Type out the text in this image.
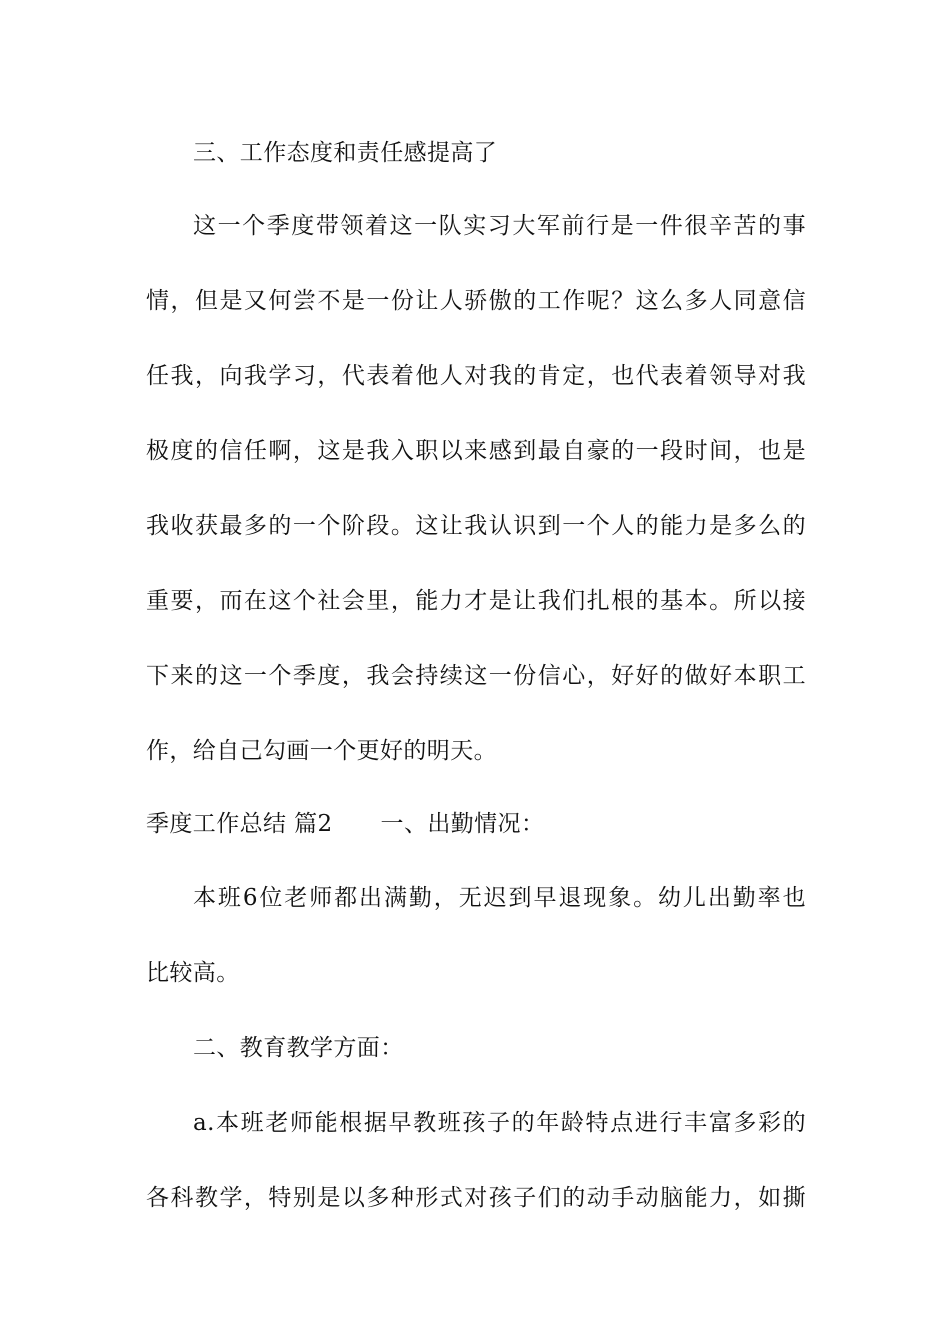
三、工作态度和责任感提高了
这一个季度带领着这一队实习大军前行是一件很辛苦的事
情，但是又何尝不是一份让人骄傲的工作呢？这么多人同意信
任我，向我学习，代表着他人对我的肯定，也代表着领导对我
极度的信任啊，这是我入职以来感到最自豪的一段时间，也是
我收获最多的一个阶段。这让我认识到一个人的能力是多么的
重要，而在这个社会里，能力才是让我们扎根的基本。所以接
下来的这一个季度，我会持续这一份信心，好好的做好本职工
作，给自己勾画一个更好的明天。
季度工作总结 篇2 一、出勤情况：
本班6位老师都出满勤，无迟到早退现象。幼儿出勤率也
比较高。
二、教育教学方面：
a.本班老师能根据早教班孩子的年龄特点进行丰富多彩的
各科教学，特别是以多种形式对孩子们的动手动脑能力，如撕
